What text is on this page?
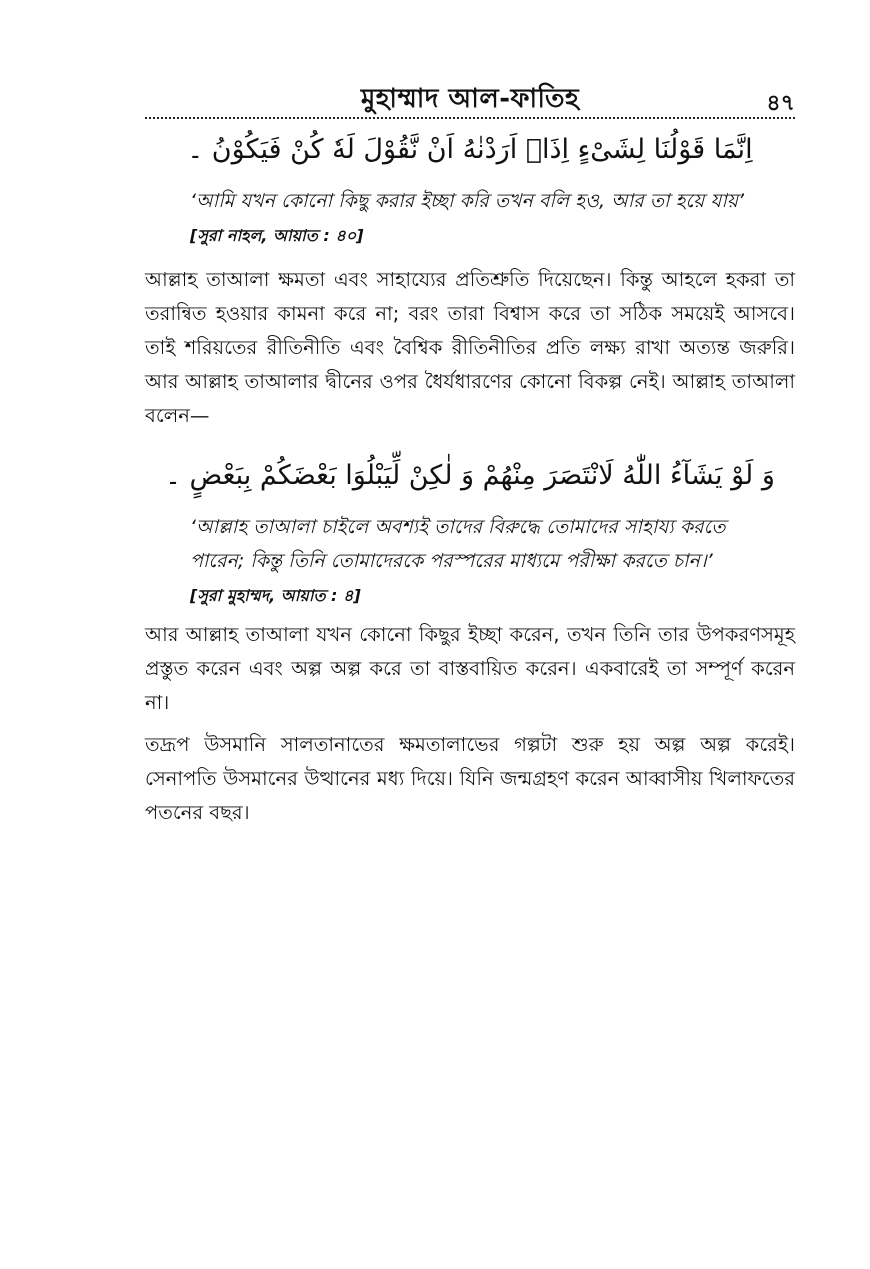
মুহাম্মাদ আল-ফাতিহ	৪৭
اِنَّمَا قَوْلُنَا لِشَیْءٍ اِذَاۤ اَرَدْنٰهُ اَنْ نَّقُوْلَ لَهٗ كُنْ فَیَكُوْنُ ۔
‘আমি যখন কোনো কিছু করার ইচ্ছা করি তখন বলি হও, আর তা হয়ে যায়’ [সুরা নাহল, আয়াত : ৪০]
আল্লাহ তাআলা ক্ষমতা এবং সাহায্যের প্রতিশ্রুতি দিয়েছেন। কিন্তু আহলে হকরা তা তরান্বিত হওয়ার কামনা করে না; বরং তারা বিশ্বাস করে তা সঠিক সময়েই আসবে। তাই শরিয়তের রীতিনীতি এবং বৈশ্বিক রীতিনীতির প্রতি লক্ষ্য রাখা অত্যন্ত জরুরি। আর আল্লাহ তাআলার দ্বীনের ওপর ধৈর্যধারণের কোনো বিকল্প নেই। আল্লাহ তাআলা বলেন—
وَ لَوْ یَشَآءُ اللّٰهُ لَانْتَصَرَ مِنْهُمْ وَ لٰكِنْ لِّیَبْلُوَا بَعْضَكُمْ بِبَعْضٍ ۔
‘আল্লাহ তাআলা চাইলে অবশ্যই তাদের বিরুদ্ধে তোমাদের সাহায্য করতে পারেন; কিন্তু তিনি তোমাদেরকে পরস্পরের মাধ্যমে পরীক্ষা করতে চান।’
[সুরা মুহাম্মদ, আয়াত : ৪]
আর আল্লাহ তাআলা যখন কোনো কিছুর ইচ্ছা করেন, তখন তিনি তার উপকরণসমূহ প্রস্তুত করেন এবং অল্প অল্প করে তা বাস্তবায়িত করেন। একবারেই তা সম্পূর্ণ করেন না।
তদ্রূপ উসমানি সালতানাতের ক্ষমতালাভের গল্পটা শুরু হয় অল্প অল্প করেই। সেনাপতি উসমানের উত্থানের মধ্য দিয়ে। যিনি জন্মগ্রহণ করেন আব্বাসীয় খিলাফতের পতনের বছর।
